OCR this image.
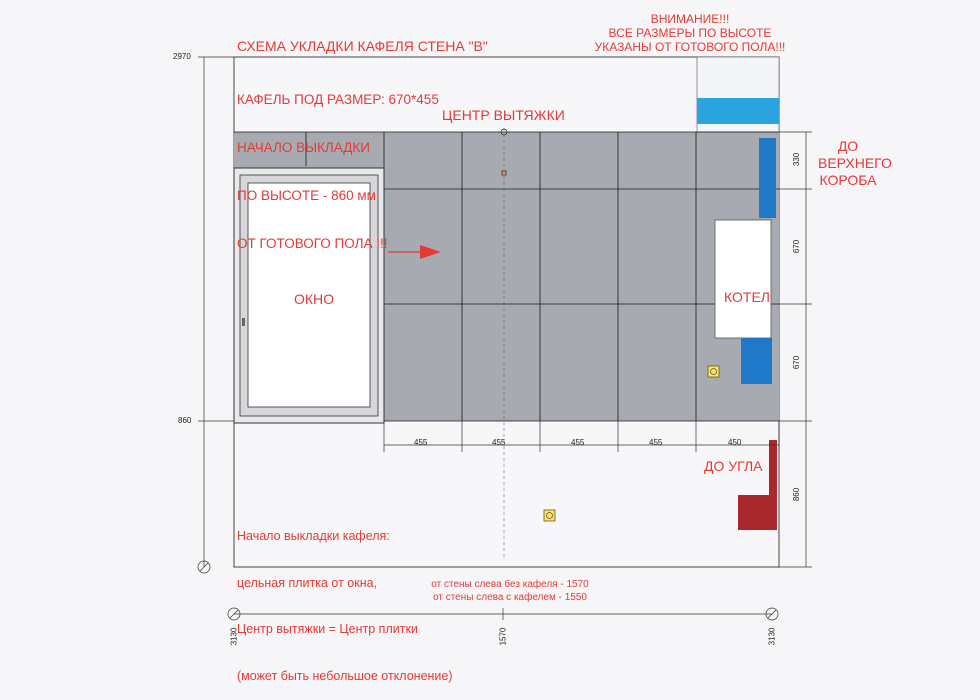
СХЕМА УКЛАДКИ КАФЕЛЯ СТЕНА "В"

КАФЕЛЬ ПОД РАЗМЕР: 670*455

НАЧАЛО ВЫКЛАДКИ

ПО ВЫСОТЕ - 860 мм.

ОТ ГОТОВОГО ПОЛА !!!

ВНИМАНИЕ!!!
ВСЕ РАЗМЕРЫ ПО ВЫСОТЕ
УКАЗАНЫ ОТ ГОТОВОГО ПОЛА!!!
ЦЕНТР ВЫТЯЖКИ
ОКНО	КОТЕЛ
ДО
ВЕРХНЕГО
КОРОБА
ДО УГЛА

Начало выкладки кафеля:

цельная плитка от окна,

Центр вытяжки = Центр плитки

(может быть небольшое отклонение)

от стены слева без кафеля - 1570
от стены слева с кафелем - 1550
2970
860
455	455	455	455	450
330
670
670
860
3130	1570	3130
